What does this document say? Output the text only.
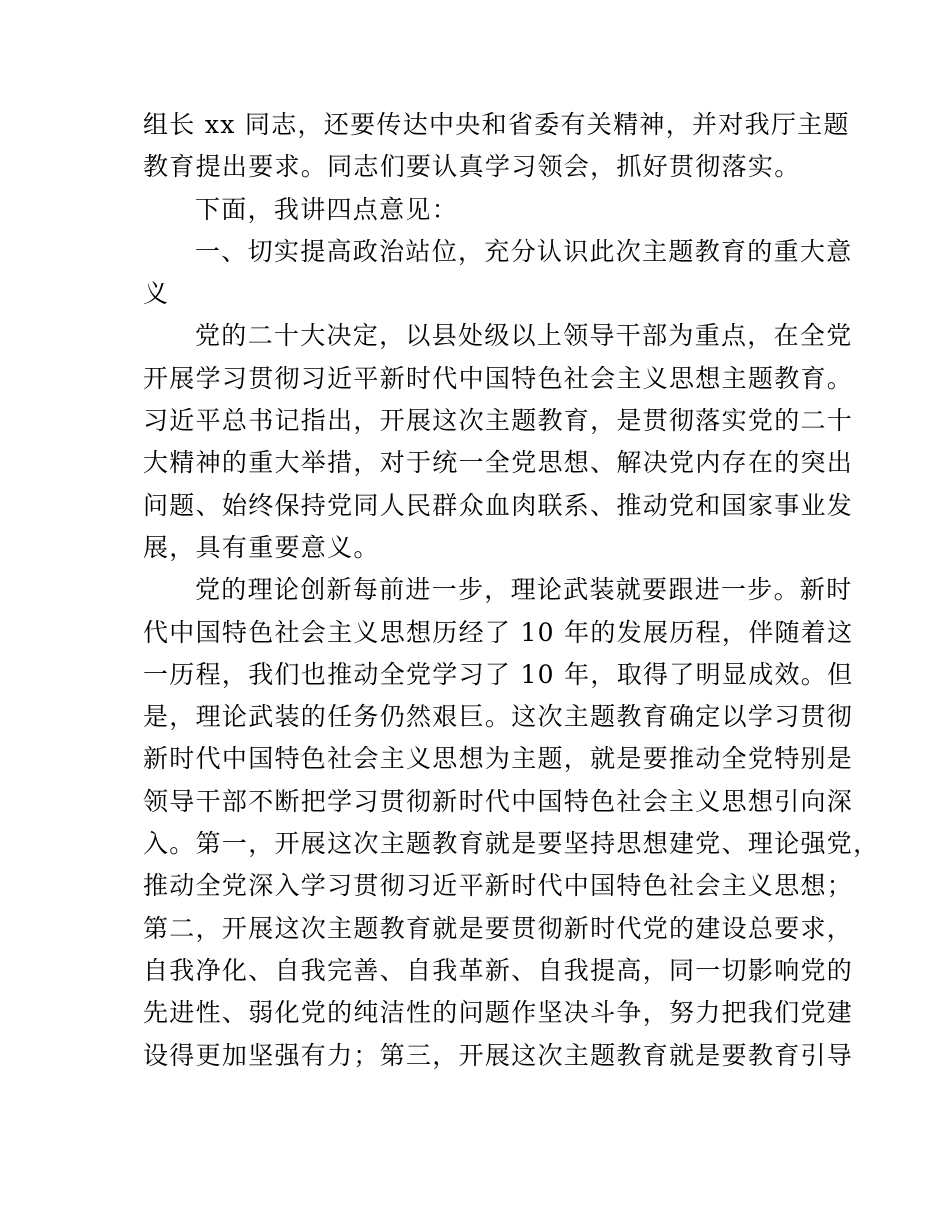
组长 xx 同志，还要传达中央和省委有关精神，并对我厅主题
教育提出要求。同志们要认真学习领会，抓好贯彻落实。
下面，我讲四点意见：
一、切实提高政治站位，充分认识此次主题教育的重大意
义
党的二十大决定，以县处级以上领导干部为重点，在全党
开展学习贯彻习近平新时代中国特色社会主义思想主题教育。
习近平总书记指出，开展这次主题教育，是贯彻落实党的二十
大精神的重大举措，对于统一全党思想、解决党内存在的突出
问题、始终保持党同人民群众血肉联系、推动党和国家事业发
展，具有重要意义。
党的理论创新每前进一步，理论武装就要跟进一步。新时
代中国特色社会主义思想历经了 10 年的发展历程，伴随着这
一历程，我们也推动全党学习了 10 年，取得了明显成效。但
是，理论武装的任务仍然艰巨。这次主题教育确定以学习贯彻
新时代中国特色社会主义思想为主题，就是要推动全党特别是
领导干部不断把学习贯彻新时代中国特色社会主义思想引向深
入。第一，开展这次主题教育就是要坚持思想建党、理论强党，
推动全党深入学习贯彻习近平新时代中国特色社会主义思想；
第二，开展这次主题教育就是要贯彻新时代党的建设总要求，
自我净化、自我完善、自我革新、自我提高，同一切影响党的
先进性、弱化党的纯洁性的问题作坚决斗争，努力把我们党建
设得更加坚强有力；第三，开展这次主题教育就是要教育引导
